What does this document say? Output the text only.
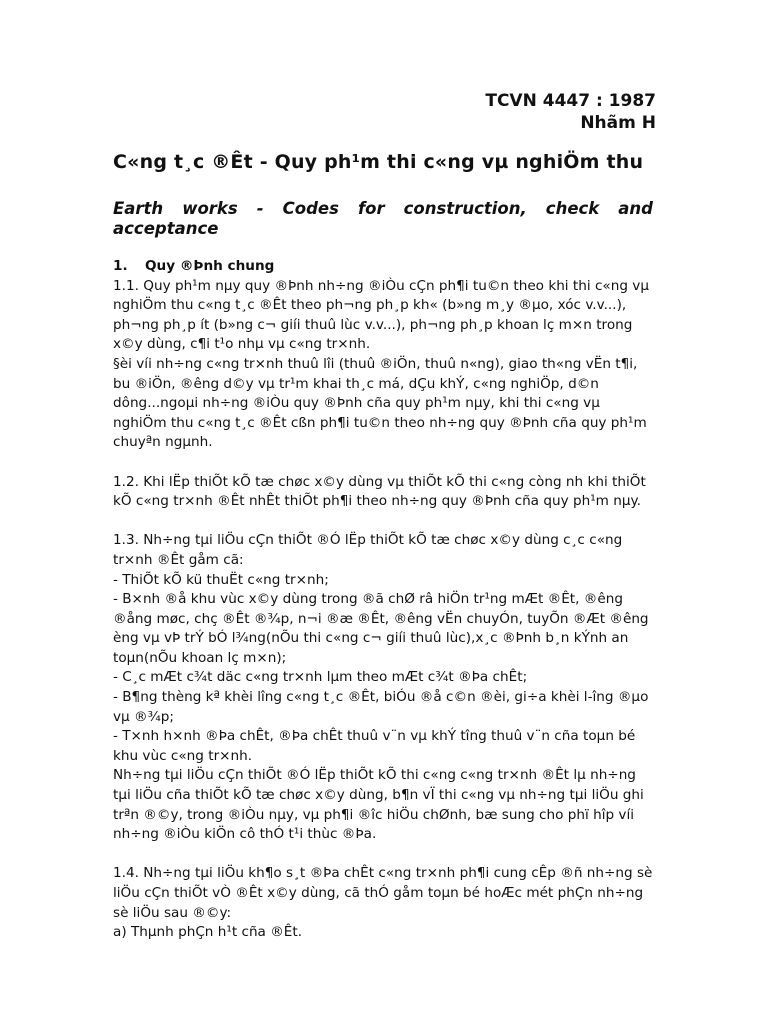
TCVN 4447 : 1987
Nhãm H
C«ng t¸c ®Êt - Quy ph¹m thi c«ng vµ nghiÖm thu
Earth works - Codes for construction, check and acceptance

1. Quy ®Þnh chung

1.1. Quy ph¹m nµy quy ®Þnh nh÷ng ®iÒu cÇn ph¶i tu©n theo khi thi c«ng vµ nghiÖm thu c«ng t¸c ®Êt theo ph¬ng ph¸p kh« (b»ng m¸y ®µo, xóc v.v...), ph¬ng ph¸p ít (b»ng c¬ giíi thuû lùc v.v...), ph¬ng ph¸p khoan lç m×n trong x©y dùng, c¶i t¹o nhµ vµ c«ng tr×nh.

§èi víi nh÷ng c«ng tr×nh thuû lîi (thuû ®iÖn, thuû n«ng), giao th«ng vËn t¶i, bu ®iÖn, ®êng d©y vµ tr¹m khai th¸c má, dÇu khÝ, c«ng nghiÖp, d©n dông...ngoµi nh÷ng ®iÒu quy ®Þnh cña quy ph¹m nµy, khi thi c«ng vµ nghiÖm thu c«ng t¸c ®Êt cßn ph¶i tu©n theo nh÷ng quy ®Þnh cña quy ph¹m chuyªn ngµnh.

1.2. Khi lËp thiÕt kÕ tæ chøc x©y dùng vµ thiÕt kÕ thi c«ng còng nh khi thiÕt kÕ c«ng tr×nh ®Êt nhÊt thiÕt ph¶i theo nh÷ng quy ®Þnh cña quy ph¹m nµy.

1.3. Nh÷ng tµi liÖu cÇn thiÕt ®Ó lËp thiÕt kÕ tæ chøc x©y dùng c¸c c«ng tr×nh ®Êt gåm cã:

- ThiÕt kÕ kü thuËt c«ng tr×nh;

- B×nh ®å khu vùc x©y dùng trong ®ã chØ râ hiÖn tr¹ng mÆt ®Êt, ®êng ®ång møc, chç ®Êt ®¾p, n¬i ®æ ®Êt, ®êng vËn chuyÓn, tuyÕn ®Æt ®êng èng vµ vÞ trÝ bÓ l¾ng(nÕu thi c«ng c¬ giíi thuû lùc),x¸c ®Þnh b¸n kÝnh an toµn(nÕu khoan lç m×n);

- C¸c mÆt c¾t däc c«ng tr×nh lµm theo mÆt c¾t ®Þa chÊt;

- B¶ng thèng kª khèi lîng c«ng t¸c ®Êt, biÓu ®å c©n ®èi, gi÷a khèi l-îng ®µo vµ ®¾p;

- T×nh h×nh ®Þa chÊt, ®Þa chÊt thuû v¨n vµ khÝ tîng thuû v¨n cña toµn bé khu vùc c«ng tr×nh.

Nh÷ng tµi liÖu cÇn thiÕt ®Ó lËp thiÕt kÕ thi c«ng c«ng tr×nh ®Êt lµ nh÷ng tµi liÖu cña thiÕt kÕ tæ chøc x©y dùng, b¶n vÏ thi c«ng vµ nh÷ng tµi liÖu ghi trªn ®©y, trong ®iÒu nµy, vµ ph¶i ®îc hiÖu chØnh, bæ sung cho phï hîp víi nh÷ng ®iÒu kiÖn cô thÓ t¹i thùc ®Þa.

1.4. Nh÷ng tµi liÖu kh¶o s¸t ®Þa chÊt c«ng tr×nh ph¶i cung cÊp ®ñ nh÷ng sè liÖu cÇn thiÕt vÒ ®Êt x©y dùng, cã thÓ gåm toµn bé hoÆc mét phÇn nh÷ng sè liÖu sau ®©y:

a) Thµnh phÇn h¹t cña ®Êt.
